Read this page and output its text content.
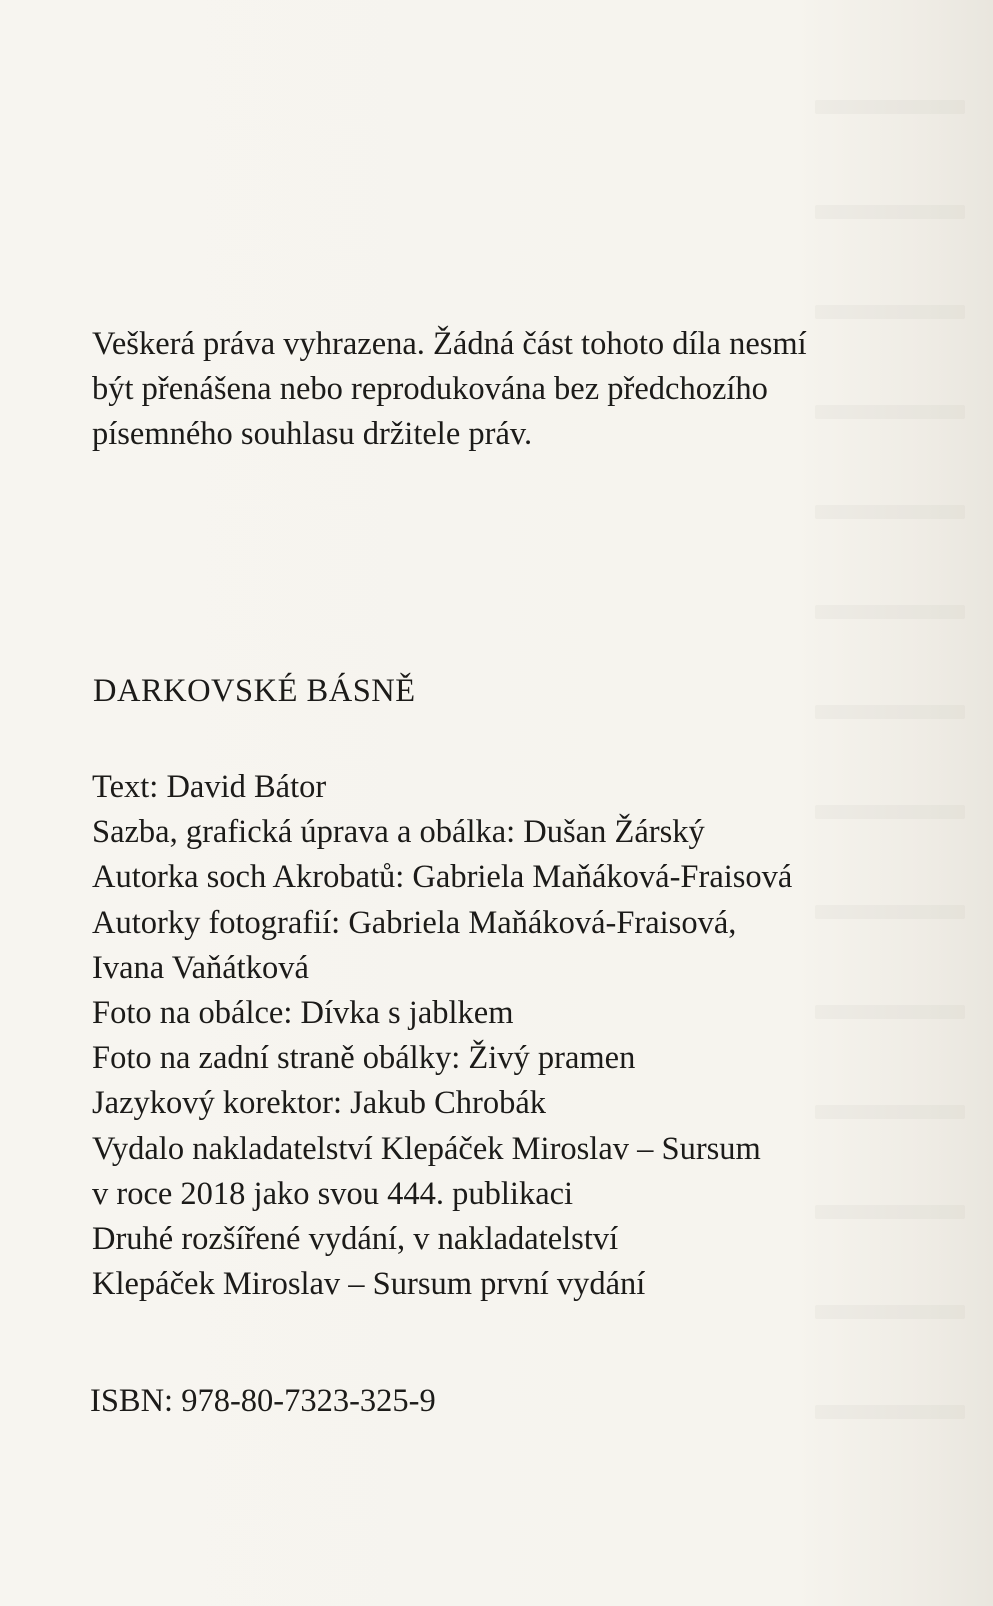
Veškerá práva vyhrazena. Žádná část tohoto díla nesmí

být přenášena nebo reprodukována bez předchozího

písemného souhlasu držitele práv.

DARKOVSKÉ BÁSNĚ
Text: David Bátor
Sazba, grafická úprava a obálka: Dušan Žárský
Autorka soch Akrobatů: Gabriela Maňáková-Fraisová
Autorky fotografií: Gabriela Maňáková-Fraisová,
Ivana Vaňátková
Foto na obálce: Dívka s jablkem
Foto na zadní straně obálky: Živý pramen
Jazykový korektor: Jakub Chrobák
Vydalo nakladatelství Klepáček Miroslav – Sursum
v roce 2018 jako svou 444. publikaci
Druhé rozšířené vydání, v nakladatelství
Klepáček Miroslav – Sursum první vydání

ISBN: 978-80-7323-325-9
